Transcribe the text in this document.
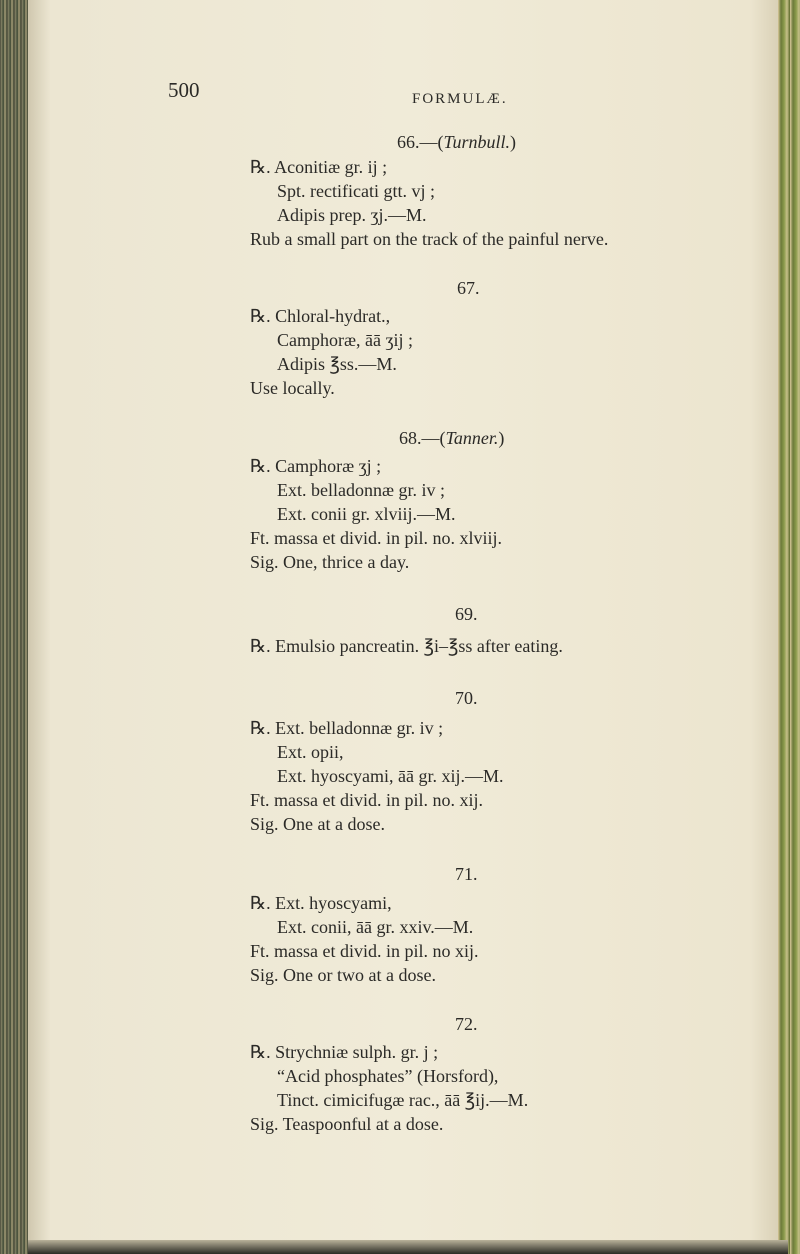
500	FORMULÆ.
66.—(Turnbull.)
℞. Aconitiæ gr. ij ;
Spt. rectificati gtt. vj ;
Adipis prep. ʒj.—M.
Rub a small part on the track of the painful nerve.
67.
℞. Chloral-hydrat.,
Camphoræ, āā ʒij ;
Adipis ℥ss.—M.
Use locally.
68.—(Tanner.)
℞. Camphoræ ʒj ;
Ext. belladonnæ gr. iv ;
Ext. conii gr. xlviij.—M.
Ft. massa et divid. in pil. no. xlviij.
Sig. One, thrice a day.
69.
℞. Emulsio pancreatin. ℥i–℥ss after eating.
70.
℞. Ext. belladonnæ gr. iv ;
Ext. opii,
Ext. hyoscyami, āā gr. xij.—M.
Ft. massa et divid. in pil. no. xij.
Sig. One at a dose.
71.
℞. Ext. hyoscyami,
Ext. conii, āā gr. xxiv.—M.
Ft. massa et divid. in pil. no xij.
Sig. One or two at a dose.
72.
℞. Strychniæ sulph. gr. j ;
“Acid phosphates” (Horsford),
Tinct. cimicifugæ rac., āā ℥ij.—M.
Sig. Teaspoonful at a dose.
